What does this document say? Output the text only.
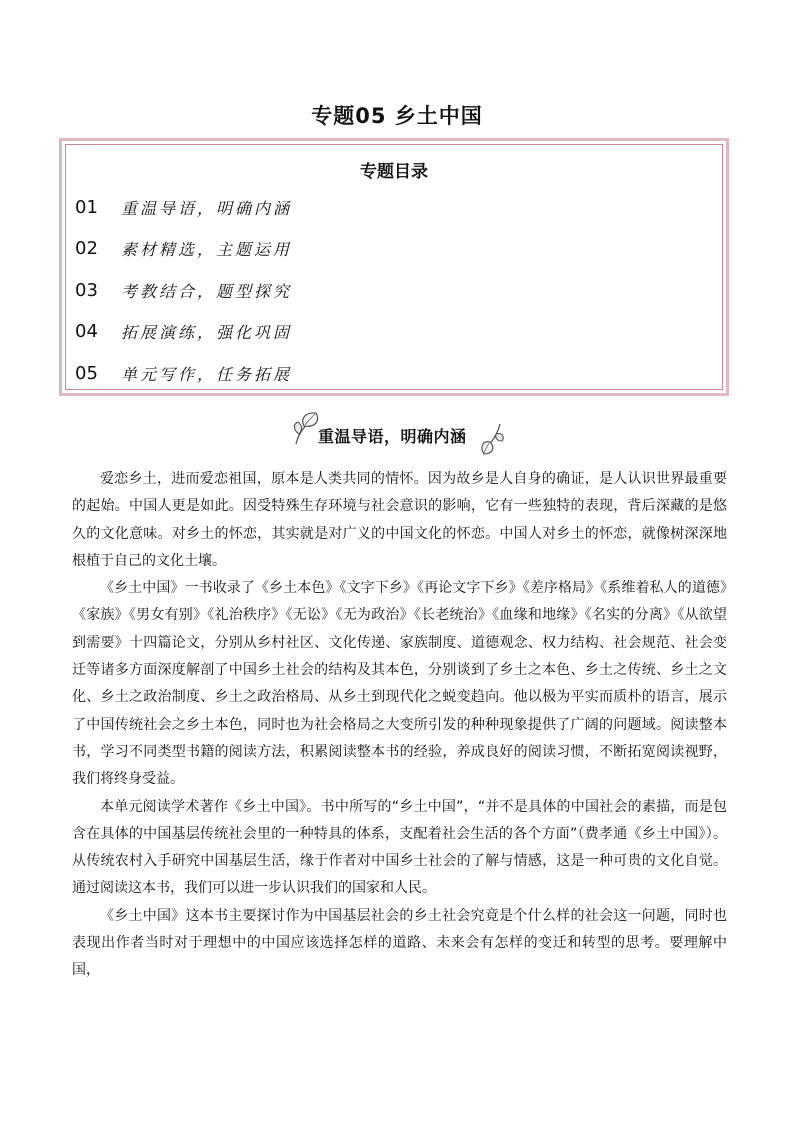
专题05 乡土中国
专题目录
01	重温导语，明确内涵
02	素材精选，主题运用
03	考教结合，题型探究
04	拓展演练，强化巩固
05	单元写作，任务拓展
重温导语，明确内涵

爱恋乡土，进而爱恋祖国，原本是人类共同的情怀。因为故乡是人自身的确证，是人认识世界最重要的起始。中国人更是如此。因受特殊生存环境与社会意识的影响，它有一些独特的表现，背后深藏的是悠久的文化意味。对乡土的怀恋，其实就是对广义的中国文化的怀恋。中国人对乡土的怀恋，就像树深深地根植于自己的文化土壤。

《乡土中国》一书收录了《乡土本色》《文字下乡》《再论文字下乡》《差序格局》《系维着私人的道德》《家族》《男女有别》《礼治秩序》《无讼》《无为政治》《长老统治》《血缘和地缘》《名实的分离》《从欲望到需要》十四篇论文，分别从乡村社区、文化传递、家族制度、道德观念、权力结构、社会规范、社会变迁等诸多方面深度解剖了中国乡土社会的结构及其本色，分别谈到了乡土之本色、乡土之传统、乡土之文化、乡土之政治制度、乡土之政治格局、从乡土到现代化之蜕变趋向。他以极为平实而质朴的语言，展示了中国传统社会之乡土本色，同时也为社会格局之大变所引发的种种现象提供了广阔的问题域。阅读整本书，学习不同类型书籍的阅读方法，积累阅读整本书的经验，养成良好的阅读习惯，不断拓宽阅读视野，我们将终身受益。

本单元阅读学术著作《乡土中国》。书中所写的“乡土中国”，“并不是具体的中国社会的素描，而是包含在具体的中国基层传统社会里的一种特具的体系，支配着社会生活的各个方面”（费孝通《乡土中国》）。从传统农村入手研究中国基层生活，缘于作者对中国乡土社会的了解与情感，这是一种可贵的文化自觉。通过阅读这本书，我们可以进一步认识我们的国家和人民。

《乡土中国》这本书主要探讨作为中国基层社会的乡土社会究竟是个什么样的社会这一问题，同时也表现出作者当时对于理想中的中国应该选择怎样的道路、未来会有怎样的变迁和转型的思考。要理解中国，
